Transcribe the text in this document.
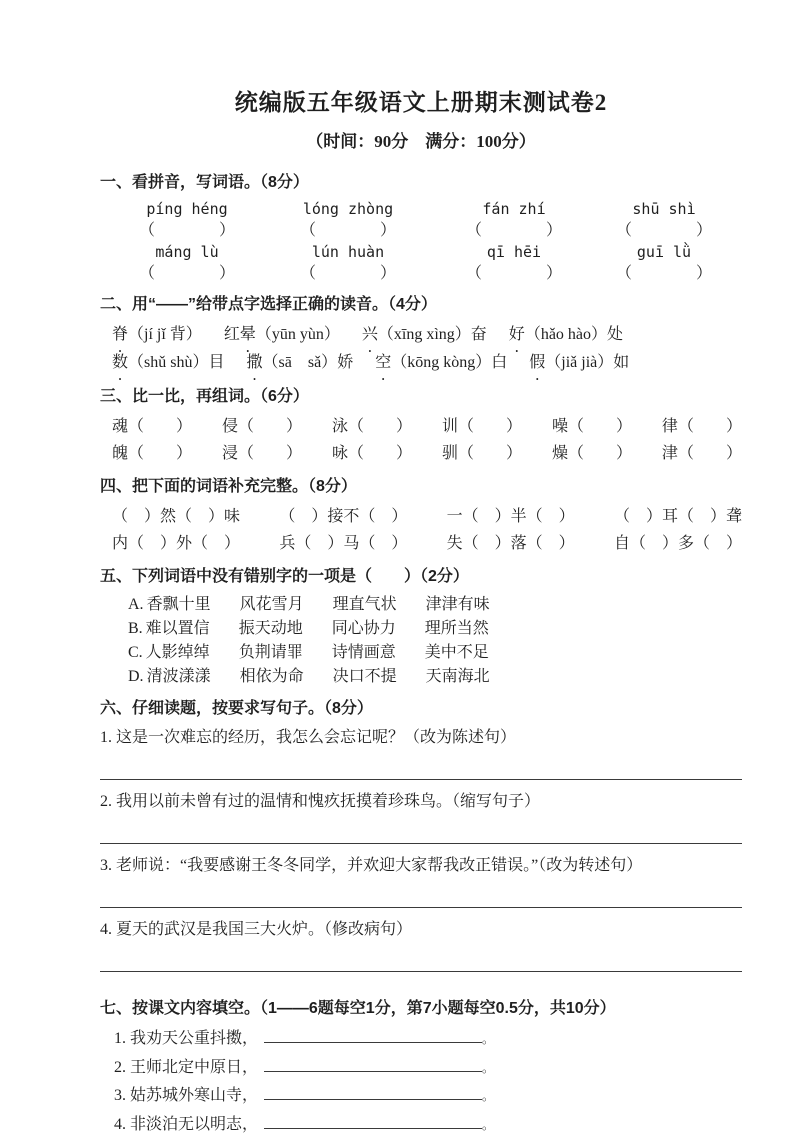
统编版五年级语文上册期末测试卷2
（时间：90分　满分：100分）
一、看拼音，写词语。（8分）
píng héng	lóng zhòng	fán zhí	shū shì
（　　　　）	（　　　　）	（　　　　）	（　　　　）
máng lù	lún huàn	qī hēi	guī lǜ
（　　　　）	（　　　　）	（　　　　）	（　　　　）
二、用“——”给带点字选择正确的读音。（4分）
脊（jí jǐ 背） 红晕（yūn yùn） 兴（xīng xìng）奋 好（hǎo hào）处
数（shǔ shù）目 撒（sā　sǎ）娇 空（kōng kòng）白 假（jiǎ jià）如
三、比一比，再组词。（6分）
魂（　　） 侵（　　） 泳（　　） 训（　　） 噪（　　） 律（　　）
魄（　　） 浸（　　） 咏（　　） 驯（　　） 燥（　　） 津（　　）
四、把下面的词语补充完整。（8分）
（　）然（　）味 （　）接不（　） 一（　）半（　） （　）耳（　）聋
内（　）外（　） 兵（　）马（　） 失（　）落（　） 自（　）多（　）
五、下列词语中没有错别字的一项是（　　）（2分）
A. 香飘十里 风花雪月 理直气状 津津有味
B. 难以置信 振天动地 同心协力 理所当然
C. 人影绰绰 负荆请罪 诗情画意 美中不足
D. 清波漾漾 相依为命 决口不提 天南海北
六、仔细读题，按要求写句子。（8分）

1. 这是一次难忘的经历，我怎么会忘记呢？（改为陈述句）

2. 我用以前未曾有过的温情和愧疚抚摸着珍珠鸟。（缩写句子）

3. 老师说：“我要感谢王冬冬同学，并欢迎大家帮我改正错误。”（改为转述句）

4. 夏天的武汉是我国三大火炉。（修改病句）

七、按课文内容填空。（1——6题每空1分，第7小题每空0.5分，共10分）
1. 我劝天公重抖擞，	。
2. 王师北定中原日，	。
3. 姑苏城外寒山寺，	。
4. 非淡泊无以明志，	。
